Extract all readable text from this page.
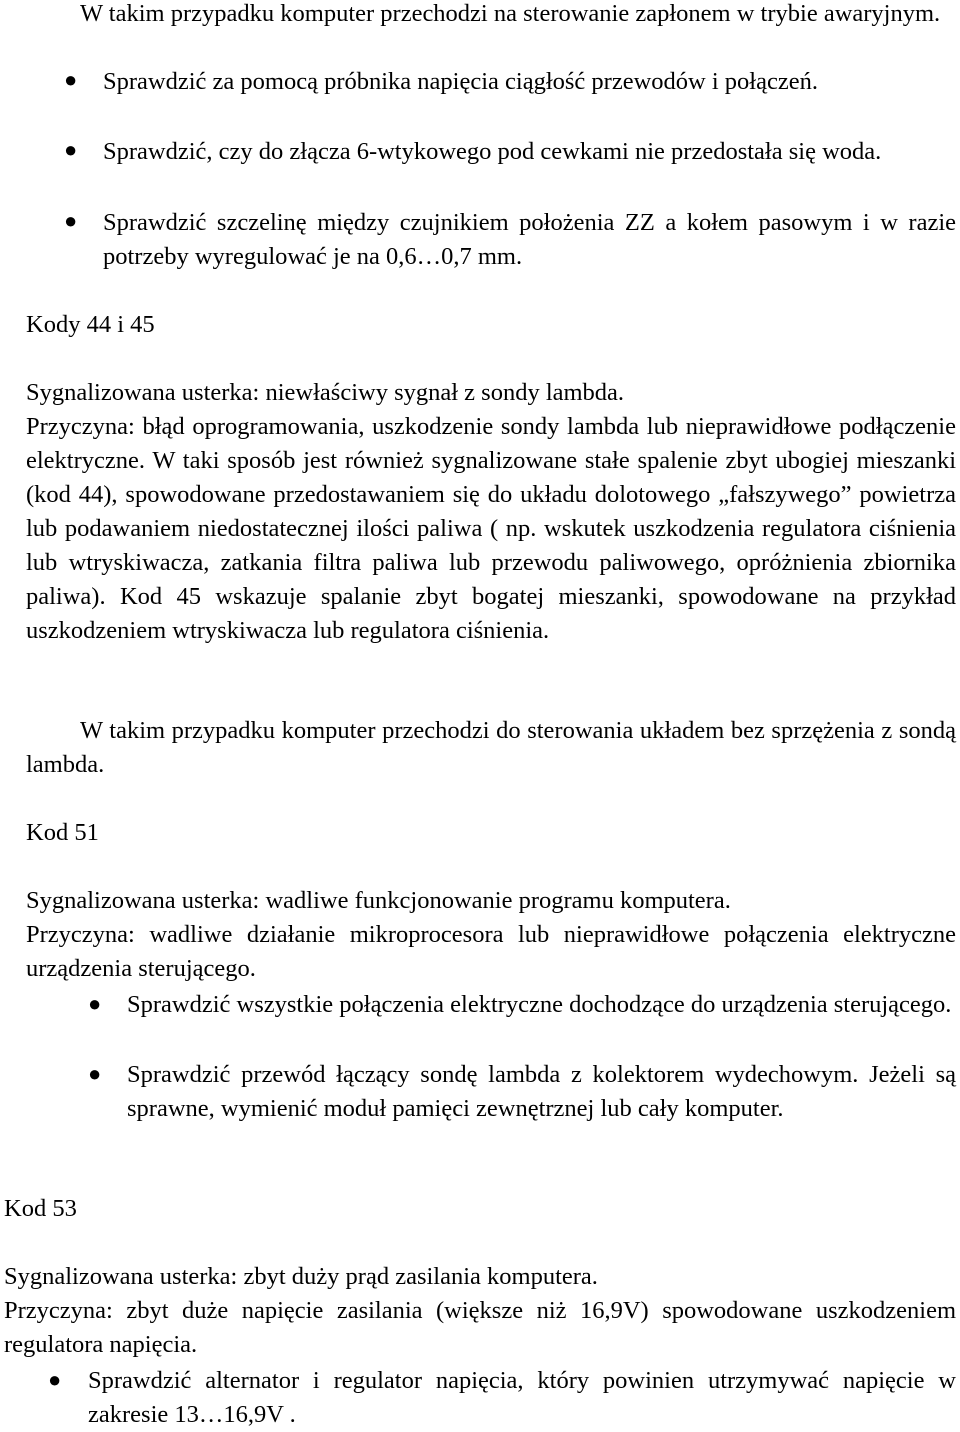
W takim przypadku komputer przechodzi na sterowanie zapłonem w trybie awaryjnym.

● Sprawdzić za pomocą próbnika napięcia ciągłość przewodów i połączeń.

● Sprawdzić, czy do złącza 6-wtykowego pod cewkami nie przedostała się woda.

● Sprawdzić szczelinę między czujnikiem położenia ZZ a kołem pasowym i w razie potrzeby wyregulować je na 0,6…0,7 mm.

Kody 44 i 45

Sygnalizowana usterka: niewłaściwy sygnał z sondy lambda.

Przyczyna: błąd oprogramowania, uszkodzenie sondy lambda lub nieprawidłowe podłączenie elektryczne. W taki sposób jest również sygnalizowane stałe spalenie zbyt ubogiej mieszanki (kod 44), spowodowane przedostawaniem się do układu dolotowego „fałszywego” powietrza lub podawaniem niedostatecznej ilości paliwa ( np. wskutek uszkodzenia regulatora ciśnienia lub wtryskiwacza, zatkania filtra paliwa lub przewodu paliwowego, opróżnienia zbiornika paliwa). Kod 45 wskazuje spalanie zbyt bogatej mieszanki, spowodowane na przykład uszkodzeniem wtryskiwacza lub regulatora ciśnienia.

W takim przypadku komputer przechodzi do sterowania układem bez sprzężenia z sondą lambda.

Kod 51

Sygnalizowana usterka: wadliwe funkcjonowanie programu komputera.

Przyczyna: wadliwe działanie mikroprocesora lub nieprawidłowe połączenia elektryczne urządzenia sterującego.

● Sprawdzić wszystkie połączenia elektryczne dochodzące do urządzenia sterującego.

● Sprawdzić przewód łączący sondę lambda z kolektorem wydechowym. Jeżeli są sprawne, wymienić moduł pamięci zewnętrznej lub cały komputer.

Kod 53

Sygnalizowana usterka: zbyt duży prąd zasilania komputera.

Przyczyna: zbyt duże napięcie zasilania (większe niż 16,9V) spowodowane uszkodzeniem regulatora napięcia.

● Sprawdzić alternator i regulator napięcia, który powinien utrzymywać napięcie w zakresie 13…16,9V .
